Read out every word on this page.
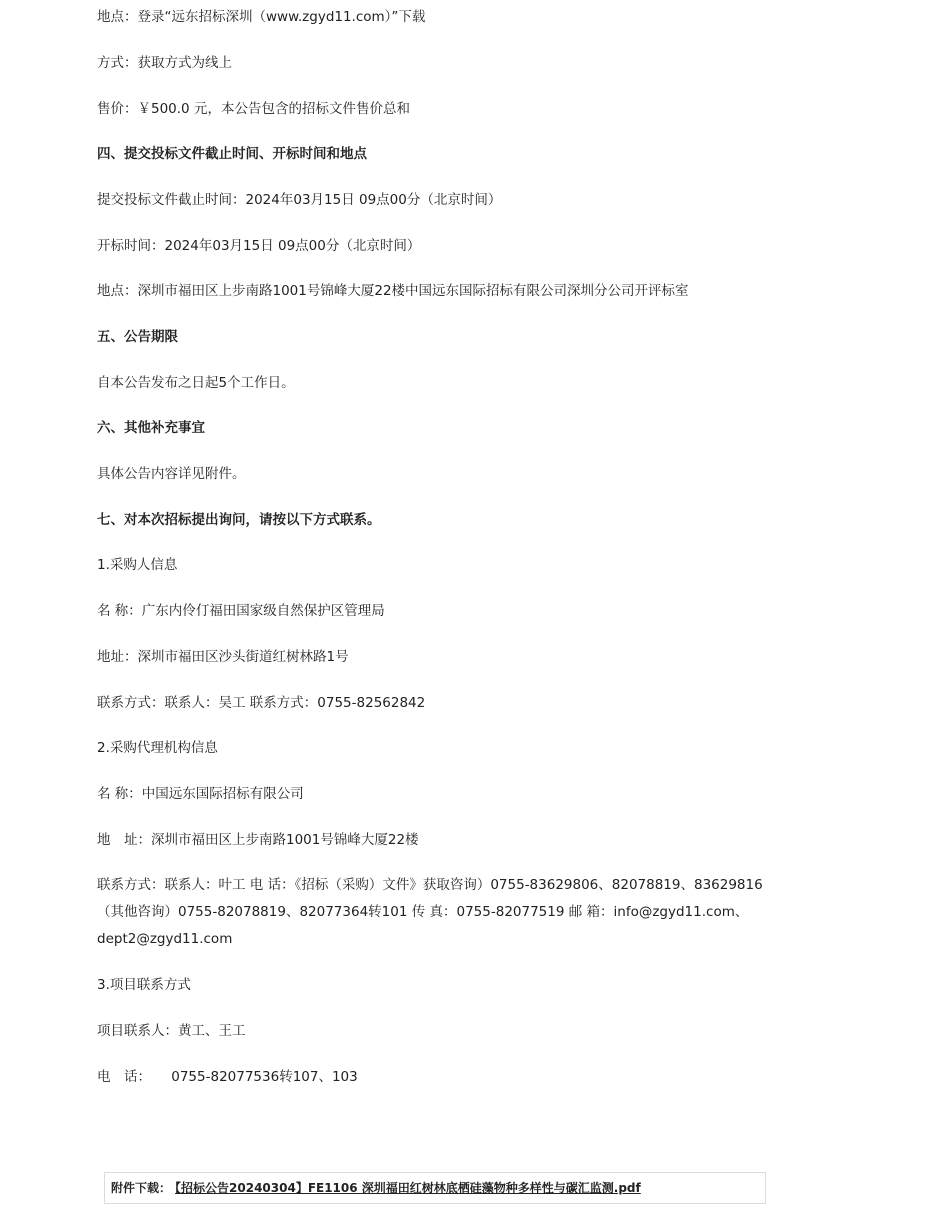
地点：登录“远东招标深圳（www.zgyd11.com）”下载

方式：获取方式为线上

售价：￥500.0 元，本公告包含的招标文件售价总和

四、提交投标文件截止时间、开标时间和地点

提交投标文件截止时间：2024年03月15日 09点00分（北京时间）

开标时间：2024年03月15日 09点00分（北京时间）

地点：深圳市福田区上步南路1001号锦峰大厦22楼中国远东国际招标有限公司深圳分公司开评标室

五、公告期限

自本公告发布之日起5个工作日。

六、其他补充事宜

具体公告内容详见附件。

七、对本次招标提出询问，请按以下方式联系。

1.采购人信息

名 称：广东内伶仃福田国家级自然保护区管理局

地址：深圳市福田区沙头街道红树林路1号

联系方式：联系人：吴工 联系方式：0755-82562842

2.采购代理机构信息

名 称：中国远东国际招标有限公司

地　址：深圳市福田区上步南路1001号锦峰大厦22楼

联系方式：联系人：叶工 电 话：《招标（采购）文件》获取咨询）0755-83629806、82078819、83629816（其他咨询）0755-82078819、82077364转101 传 真：0755-82077519 邮 箱：info@zgyd11.com、dept2@zgyd11.com

3.项目联系方式

项目联系人：黄工、王工

电　话：　　0755-82077536转107、103

附件下载： 【招标公告20240304】FE1106 深圳福田红树林底栖硅藻物种多样性与碳汇监测.pdf
